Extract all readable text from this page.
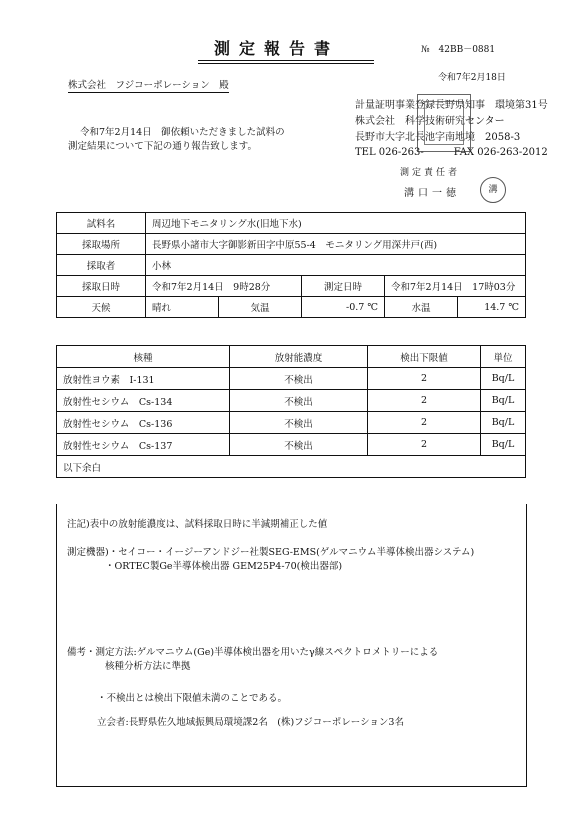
測定報告書	№　42BB－0881
令和7年2月18日
株式会社　フジコーポレーション　殿
計量証明事業登録長野県知事　環境第31号
株式会社　科学技術研究センター
長野市大字北長池字南地境　2058-3
TEL 026-263-　　　FAX 026-263-2012
令和7年2月14日　御依頼いただきました試料の
測定結果について下記の通り報告致します。
測定責任者
溝口一徳	溝
試料名	周辺地下モニタリング水(旧地下水)				
採取場所	長野県小諸市大字御影新田字中原55-4　モニタリング用深井戸(西)				
採取者	小林				
採取日時	令和7年2月14日　9時28分		測定日時	令和7年2月14日　17時03分	
天候	晴れ	気温	-0.7 ℃	水温	14.7 ℃
核種	放射能濃度	検出下限値	単位
放射性ヨウ素　I-131	不検出	2	Bq/L
放射性セシウム　Cs-134	不検出	2	Bq/L
放射性セシウム　Cs-136	不検出	2	Bq/L
放射性セシウム　Cs-137	不検出	2	Bq/L
以下余白			
注記)表中の放射能濃度は、試料採取日時に半減期補正した値
測定機器)・セイコー・イージーアンドジー社製SEG-EMS(ゲルマニウム半導体検出器システム)
・ORTEC製Ge半導体検出器 GEM25P4-70(検出器部)
備考・測定方法:ゲルマニウム(Ge)半導体検出器を用いたγ線スペクトロメトリーによる
核種分析方法に準拠
・不検出とは検出下限値未満のことである。
立会者:長野県佐久地域振興局環境課2名　(株)フジコーポレーション3名
